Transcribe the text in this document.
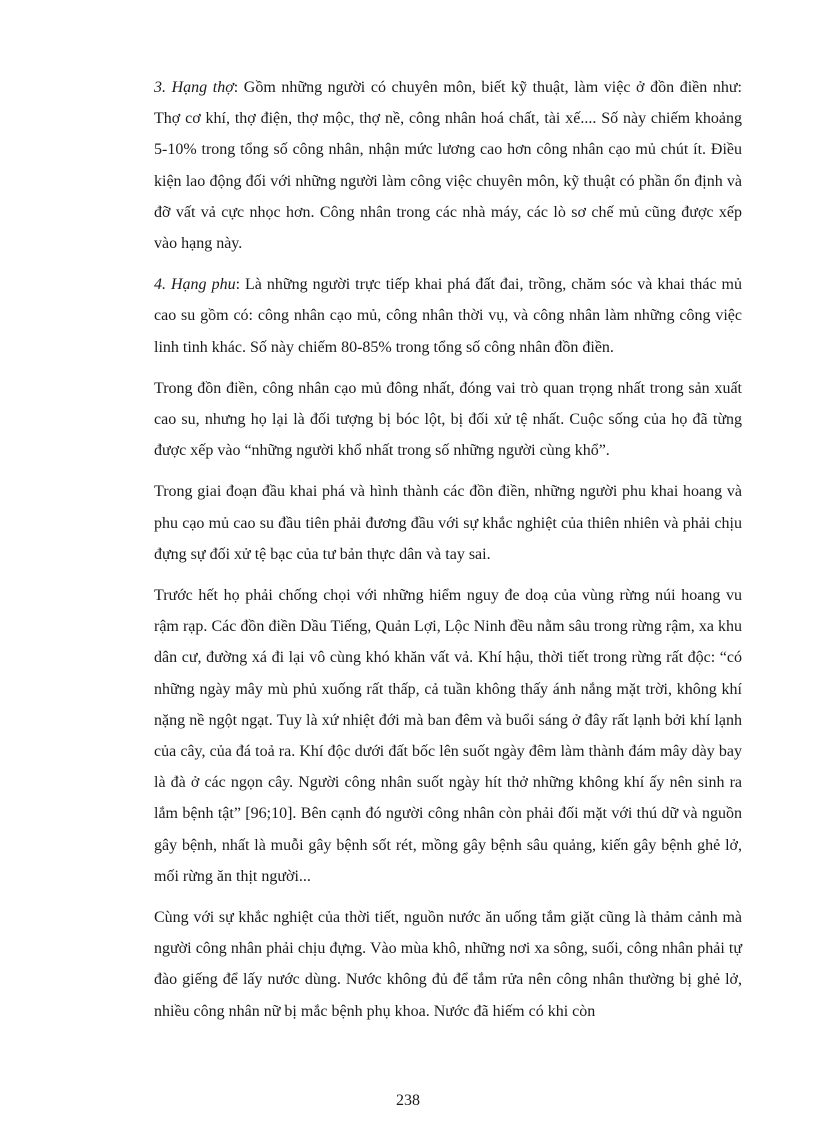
3. Hạng thợ: Gồm những người có chuyên môn, biết kỹ thuật, làm việc ở đồn điền như: Thợ cơ khí, thợ điện, thợ mộc, thợ nề, công nhân hoá chất, tài xế.... Số này chiếm khoảng 5-10% trong tổng số công nhân, nhận mức lương cao hơn công nhân cạo mủ chút ít. Điều kiện lao động đối với những người làm công việc chuyên môn, kỹ thuật có phần ổn định và đỡ vất vả cực nhọc hơn. Công nhân trong các nhà máy, các lò sơ chế mủ cũng được xếp vào hạng này.

4. Hạng phu: Là những người trực tiếp khai phá đất đai, trồng, chăm sóc và khai thác mủ cao su gồm có: công nhân cạo mủ, công nhân thời vụ, và công nhân làm những công việc linh tinh khác. Số này chiếm 80-85% trong tổng số công nhân đồn điền.

Trong đồn điền, công nhân cạo mủ đông nhất, đóng vai trò quan trọng nhất trong sản xuất cao su, nhưng họ lại là đối tượng bị bóc lột, bị đối xử tệ nhất. Cuộc sống của họ đã từng được xếp vào “những người khổ nhất trong số những người cùng khổ”.

Trong giai đoạn đầu khai phá và hình thành các đồn điền, những người phu khai hoang và phu cạo mủ cao su đầu tiên phải đương đầu với sự khắc nghiệt của thiên nhiên và phải chịu đựng sự đối xử tệ bạc của tư bản thực dân và tay sai.

Trước hết họ phải chống chọi với những hiểm nguy đe doạ của vùng rừng núi hoang vu rậm rạp. Các đồn điền Dầu Tiếng, Quản Lợi, Lộc Ninh đều nằm sâu trong rừng rậm, xa khu dân cư, đường xá đi lại vô cùng khó khăn vất vả. Khí hậu, thời tiết trong rừng rất độc: “có những ngày mây mù phủ xuống rất thấp, cả tuần không thấy ánh nắng mặt trời, không khí nặng nề ngột ngạt. Tuy là xứ nhiệt đới mà ban đêm và buổi sáng ở đây rất lạnh bởi khí lạnh của cây, của đá toả ra. Khí độc dưới đất bốc lên suốt ngày đêm làm thành đám mây dày bay là đà ở các ngọn cây. Người công nhân suốt ngày hít thở những không khí ấy nên sinh ra lắm bệnh tật” [96;10]. Bên cạnh đó người công nhân còn phải đối mặt với thú dữ và nguồn gây bệnh, nhất là muỗi gây bệnh sốt rét, mồng gây bệnh sâu quảng, kiến gây bệnh ghẻ lở, mối rừng ăn thịt người...

Cùng với sự khắc nghiệt của thời tiết, nguồn nước ăn uống tắm giặt cũng là thảm cảnh mà người công nhân phải chịu đựng. Vào mùa khô, những nơi xa sông, suối, công nhân phải tự đào giếng để lấy nước dùng. Nước không đủ để tắm rửa nên công nhân thường bị ghẻ lở, nhiều công nhân nữ bị mắc bệnh phụ khoa. Nước đã hiếm có khi còn

238
